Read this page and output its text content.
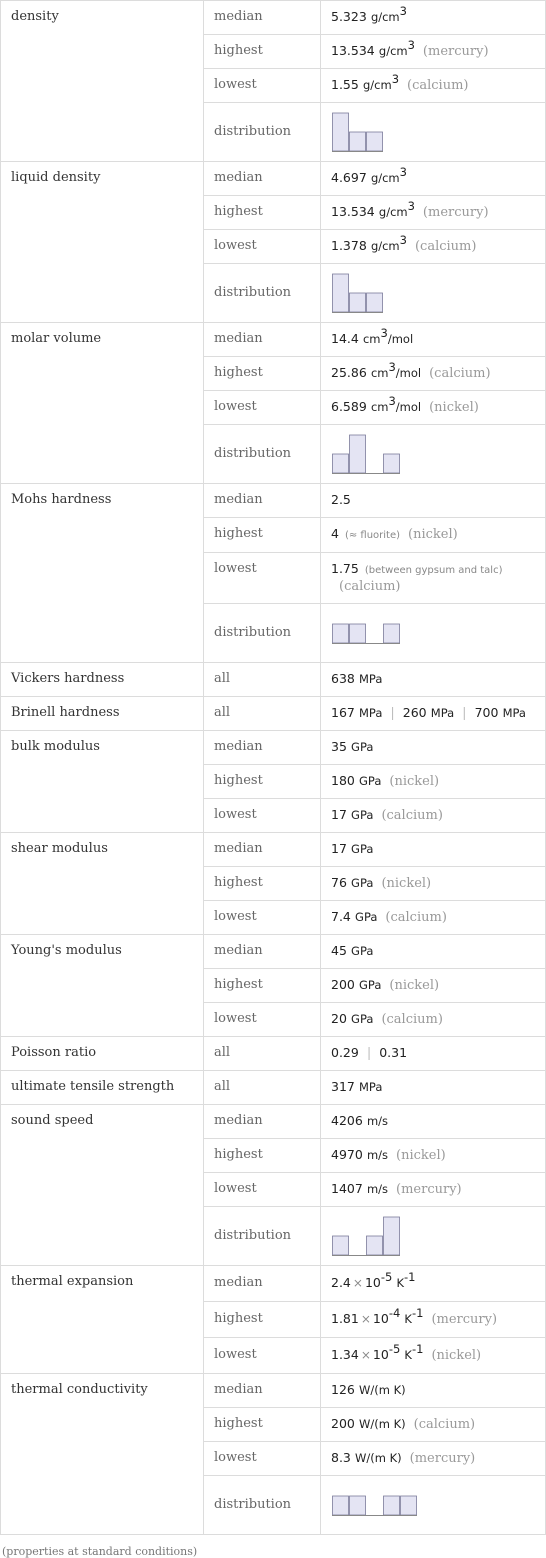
density	median	5.323 $g/cm^3$
	highest	13.534 $g/cm^3$ (mercury)
	lowest	1.55 $g/cm^3$ (calcium)
	distribution	

liquid density	median	4.697 $g/cm^3$
	highest	13.534 $g/cm^3$ (mercury)
	lowest	1.378 $g/cm^3$ (calcium)
	distribution	

molar volume	median	14.4 $cm^3$/mol
	highest	25.86 $cm^3$/mol (calcium)
	lowest	6.589 $cm^3$/mol (nickel)
	distribution	

Mohs hardness	median	2.5
	highest	4 (≈ fluorite) (nickel)
	lowest	1.75 (between gypsum and talc)
(calcium)
	distribution	

Vickers hardness	all	638 MPa
Brinell hardness	all	167 MPa | 260 MPa | 700 MPa
bulk modulus	median	35 GPa
	highest	180 GPa (nickel)
	lowest	17 GPa (calcium)
shear modulus	median	17 GPa
	highest	76 GPa (nickel)
	lowest	7.4 GPa (calcium)
Young's modulus	median	45 GPa
	highest	200 GPa (nickel)
	lowest	20 GPa (calcium)
Poisson ratio	all	0.29 | 0.31
ultimate tensile strength	all	317 MPa
sound speed	median	4206 m/s
	highest	4970 m/s (nickel)
	lowest	1407 m/s (mercury)
	distribution	

thermal expansion	median	$2.4 \times 10^{-5}$ $K^{-1}$
	highest	$1.81 \times 10^{-4}$ $K^{-1}$ (mercury)
	lowest	$1.34 \times 10^{-5}$ $K^{-1}$ (nickel)
thermal conductivity	median	126 W/(m K)
	highest	200 W/(m K) (calcium)
	lowest	8.3 W/(m K) (mercury)
	distribution	
(properties at standard conditions)
